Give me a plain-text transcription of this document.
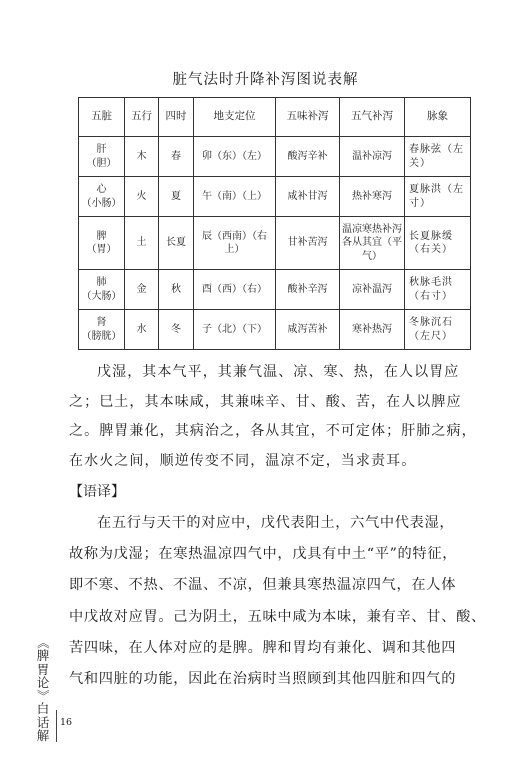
脏气法时升降补泻图说表解
五脏	五行	四时	地支定位	五味补泻	五气补泻	脉象

肝
（胆）	木	春	卯（东）（左）	酸泻辛补	温补凉泻	春脉弦（左关）

心
（小肠）	火	夏	午（南）（上）	咸补甘泻	热补寒泻	夏脉洪（左寸）

脾
（胃）	土	长夏	辰（西南）（右上）	甘补苦泻	温凉寒热补泻各从其宜（平气）	长夏脉缓（右关）

肺
（大肠）	金	秋	酉（西）（右）	酸补辛泻	凉补温泻	秋脉毛洪（右寸）

肾
（膀胱）	水	冬	子（北）（下）	咸泻苦补	寒补热泻	冬脉沉石（左尺）
戊湿，其本气平，其兼气温、凉、寒、热，在人以胃应
之；巳土，其本味咸，其兼味辛、甘、酸、苦，在人以脾应
之。脾胃兼化，其病治之，各从其宜，不可定体；肝肺之病，
在水火之间，顺逆传变不同，温凉不定，当求责耳。
【语译】
在五行与天干的对应中，戊代表阳土，六气中代表湿，
故称为戊湿；在寒热温凉四气中，戊具有中土“平”的特征，
即不寒、不热、不温、不凉，但兼具寒热温凉四气，在人体
中戊故对应胃。己为阴土，五味中咸为本味，兼有辛、甘、酸、
苦四味，在人体对应的是脾。脾和胃均有兼化、调和其他四
气和四脏的功能，因此在治病时当照顾到其他四脏和四气的
《
脾
胃
论
》
白
话
解
16
